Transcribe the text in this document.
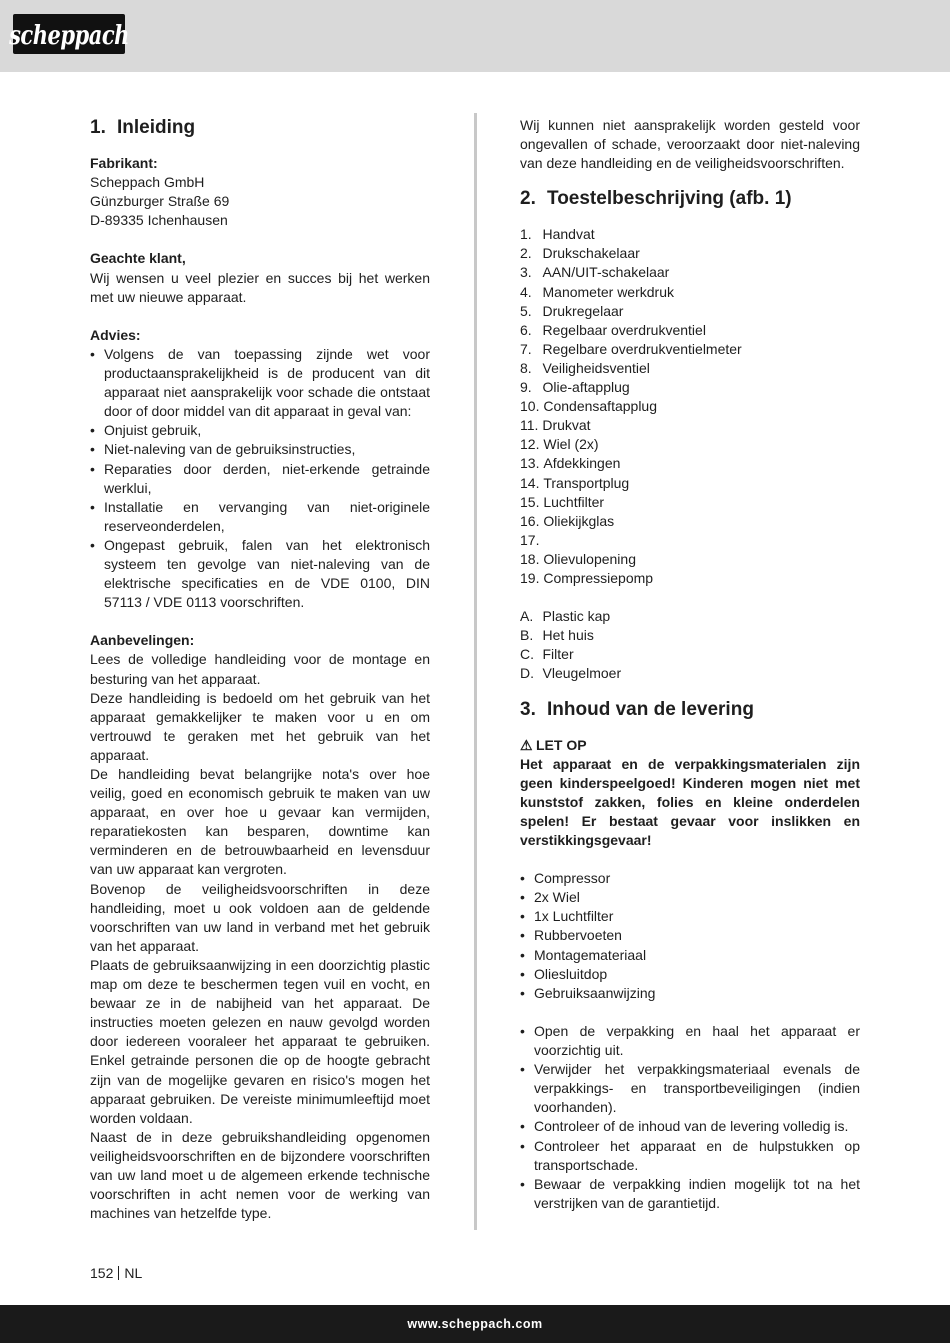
scheppach
1. Inleiding
Fabrikant:
Scheppach GmbH
Günzburger Straße 69
D-89335 Ichenhausen
Geachte klant,

Wij wensen u veel plezier en succes bij het werken met uw nieuwe apparaat.

Advies:
• Volgens de van toepassing zijnde wet voor productaansprakelijkheid is de producent van dit apparaat niet aansprakelijk voor schade die ontstaat door of door middel van dit apparaat in geval van:
• Onjuist gebruik,
• Niet-naleving van de gebruiksinstructies,
• Reparaties door derden, niet-erkende getrainde werklui,
• Installatie en vervanging van niet-originele reserveonderdelen,
• Ongepast gebruik, falen van het elektronisch systeem ten gevolge van niet-naleving van de elektrische specificaties en de VDE 0100, DIN 57113 / VDE 0113 voorschriften.
Aanbevelingen:

Lees de volledige handleiding voor de montage en besturing van het apparaat.

Deze handleiding is bedoeld om het gebruik van het apparaat gemakkelijker te maken voor u en om vertrouwd te geraken met het gebruik van het apparaat.

De handleiding bevat belangrijke nota's over hoe veilig, goed en economisch gebruik te maken van uw apparaat, en over hoe u gevaar kan vermijden, reparatiekosten kan besparen, downtime kan verminderen en de betrouwbaarheid en levensduur van uw apparaat kan vergroten.

Bovenop de veiligheidsvoorschriften in deze handleiding, moet u ook voldoen aan de geldende voorschriften van uw land in verband met het gebruik van het apparaat.

Plaats de gebruiksaanwijzing in een doorzichtig plastic map om deze te beschermen tegen vuil en vocht, en bewaar ze in de nabijheid van het apparaat. De instructies moeten gelezen en nauw gevolgd worden door iedereen vooraleer het apparaat te gebruiken. Enkel getrainde personen die op de hoogte gebracht zijn van de mogelijke gevaren en risico's mogen het apparaat gebruiken. De vereiste minimumleeftijd moet worden voldaan.

Naast de in deze gebruikshandleiding opgenomen veiligheidsvoorschriften en de bijzondere voorschriften van uw land moet u de algemeen erkende technische voorschriften in acht nemen voor de werking van machines van hetzelfde type.

Wij kunnen niet aansprakelijk worden gesteld voor ongevallen of schade, veroorzaakt door niet-naleving van deze handleiding en de veiligheidsvoorschriften.

2. Toestelbeschrijving (afb. 1)
1. Handvat
2. Drukschakelaar
3. AAN/UIT-schakelaar
4. Manometer werkdruk
5. Drukregelaar
6. Regelbaar overdrukventiel
7. Regelbare overdrukventielmeter
8. Veiligheidsventiel
9. Olie-aftapplug
10.
Condensaftapplug
11.
Drukvat
12.
Wiel (2x)
13.
Afdekkingen
14.
Transportplug
15.
Luchtfilter
16.
Oliekijkglas
17.

18.
Olievulopening
19.
Compressiepomp
A. Plastic kap
B. Het huis
C. Filter
D. Vleugelmoer
3. Inhoud van de levering
⚠ LET OP

Het apparaat en de verpakkingsmaterialen zijn geen kinderspeelgoed! Kinderen mogen niet met kunststof zakken, folies en kleine onderdelen spelen! Er bestaat gevaar voor inslikken en verstikkingsgevaar!

• Compressor
• 2x Wiel
• 1x Luchtfilter
• Rubbervoeten
• Montagemateriaal
• Oliesluitdop
• Gebruiksaanwijzing
• Open de verpakking en haal het apparaat er voorzichtig uit.
• Verwijder het verpakkingsmateriaal evenals de verpakkings- en transportbeveiligingen (indien voorhanden).
• Controleer of de inhoud van de levering volledig is.
• Controleer het apparaat en de hulpstukken op transportschade.
• Bewaar de verpakking indien mogelijk tot na het verstrijken van de garantietijd.
152 NL
www.scheppach.com
